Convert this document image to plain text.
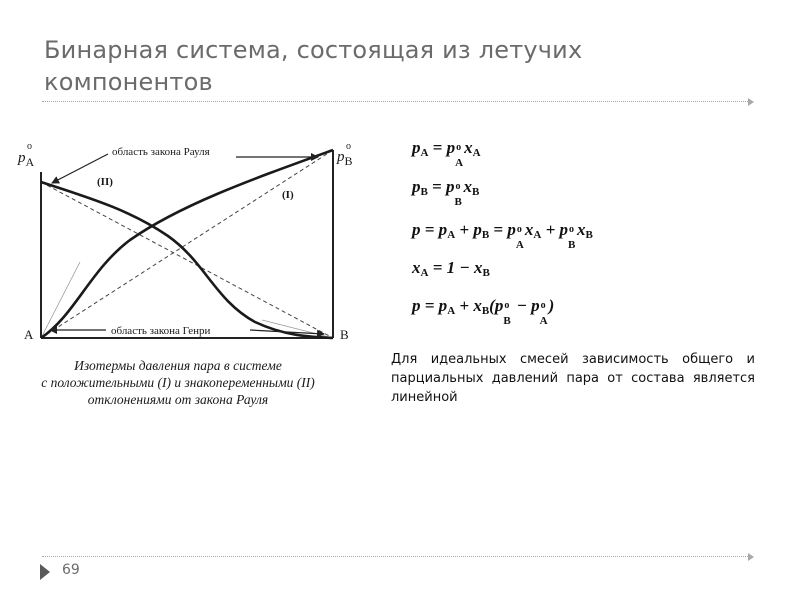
Бинарная система, состоящая из летучих компонентов
o
$p_A$
o
$p_B$
область закона Рауля
(II)
(I)
область закона Генри
A	B
Изотермы давления пара в системе
с положительными (I) и знакопеременными (II)
отклонениями от закона Рауля
$p_A = p$ o
A
$x_A$
$p_B = p$ o
B
$x_B$
$p = p_A + p_B = p$ o
A
$x_A + p$ o
B
$x_B$
$x_A = 1 - x_B$
$p = p_A + x_B(p$ o
B
− p o
A
)
Для идеальных смесей зависимость общего и парциальных давлений пара от состава является линейной
69
